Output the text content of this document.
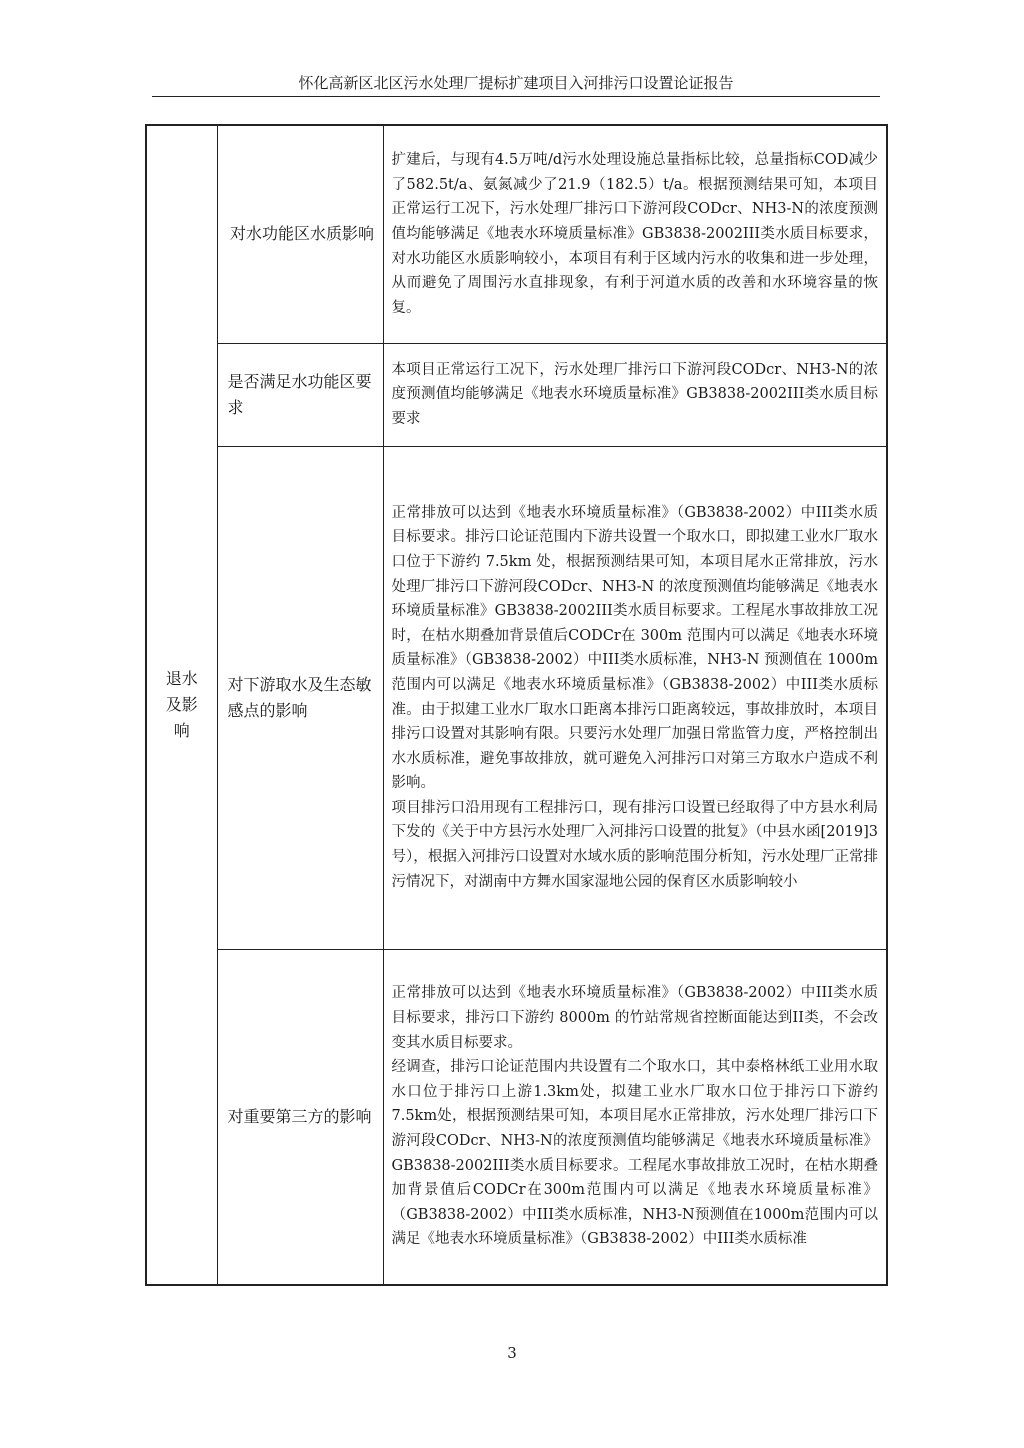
怀化高新区北区污水处理厂提标扩建项目入河排污口设置论证报告
退水及影响	对水功能区水质影响	扩建后，与现有4.5万吨/d污水处理设施总量指标比较，总量指标COD减少了582.5t/a、氨氮减少了21.9（182.5）t/a。根据预测结果可知，本项目正常运行工况下，污水处理厂排污口下游河段CODcr、NH3-N的浓度预测值均能够满足《地表水环境质量标准》GB3838-2002III类水质目标要求，对水功能区水质影响较小，本项目有利于区域内污水的收集和进一步处理，从而避免了周围污水直排现象，有利于河道水质的改善和水环境容量的恢复。

	是否满足水功能区要求	本项目正常运行工况下，污水处理厂排污口下游河段CODcr、NH3-N的浓度预测值均能够满足《地表水环境质量标准》GB3838-2002III类水质目标要求

	对下游取水及生态敏感点的影响	正常排放可以达到《地表水环境质量标准》（GB3838-2002）中III类水质目标要求。排污口论证范围内下游共设置一个取水口，即拟建工业水厂取水口位于下游约 7.5km 处，根据预测结果可知，本项目尾水正常排放，污水处理厂排污口下游河段CODcr、NH3-N 的浓度预测值均能够满足《地表水环境质量标准》GB3838-2002III类水质目标要求。工程尾水事故排放工况时，在枯水期叠加背景值后CODCr在 300m 范围内可以满足《地表水环境质量标准》（GB3838-2002）中III类水质标准，NH3-N 预测值在 1000m 范围内可以满足《地表水环境质量标准》（GB3838-2002）中III类水质标准。由于拟建工业水厂取水口距离本排污口距离较远，事故排放时，本项目排污口设置对其影响有限。只要污水处理厂加强日常监管力度，严格控制出水水质标准，避免事故排放，就可避免入河排污口对第三方取水户造成不利影响。
项目排污口沿用现有工程排污口，现有排污口设置已经取得了中方县水利局下发的《关于中方县污水处理厂入河排污口设置的批复》（中县水函[2019]3 号），根据入河排污口设置对水域水质的影响范围分析知，污水处理厂正常排污情况下，对湖南中方舞水国家湿地公园的保育区水质影响较小

	对重要第三方的影响	正常排放可以达到《地表水环境质量标准》（GB3838-2002）中III类水质目标要求，排污口下游约 8000m 的竹站常规省控断面能达到II类，不会改变其水质目标要求。
经调查，排污口论证范围内共设置有二个取水口，其中泰格林纸工业用水取水口位于排污口上游1.3km处，拟建工业水厂取水口位于排污口下游约7.5km处，根据预测结果可知，本项目尾水正常排放，污水处理厂排污口下游河段CODcr、NH3-N的浓度预测值均能够满足《地表水环境质量标准》GB3838-2002III类水质目标要求。工程尾水事故排放工况时，在枯水期叠加背景值后CODCr在300m范围内可以满足《地表水环境质量标准》（GB3838-2002）中III类水质标准，NH3-N预测值在1000m范围内可以满足《地表水环境质量标准》（GB3838-2002）中III类水质标准
3
